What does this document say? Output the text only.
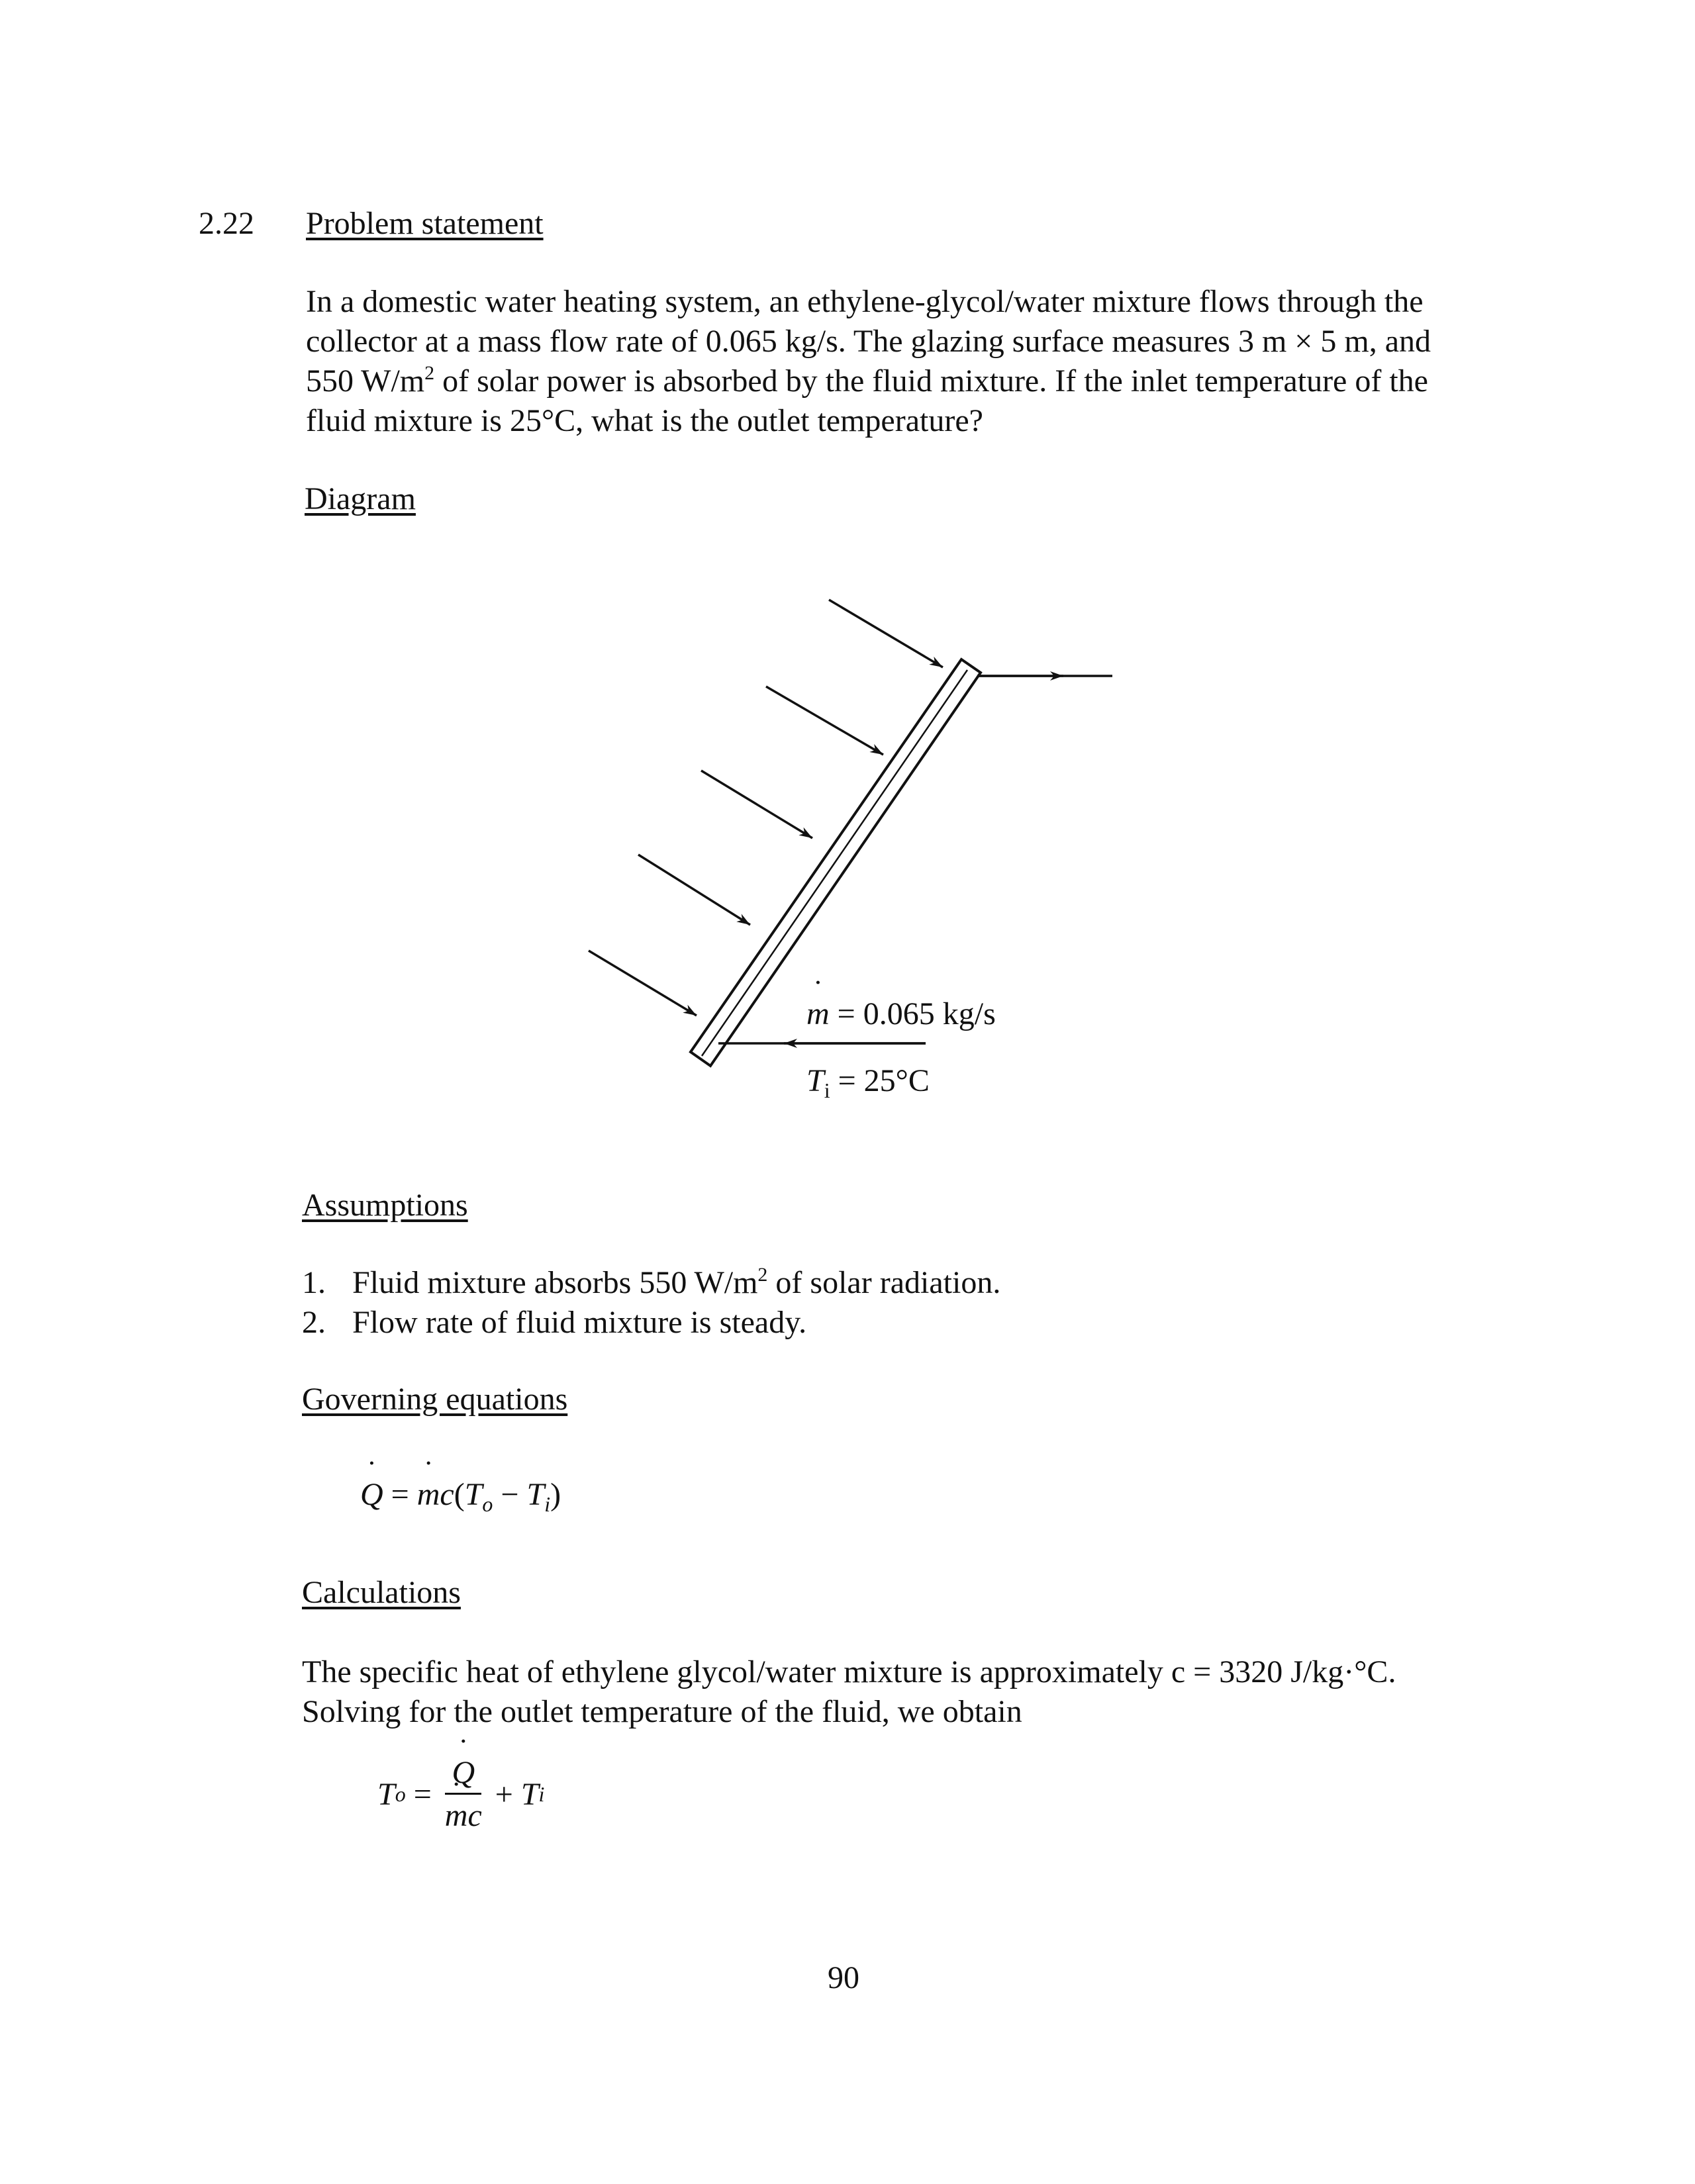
2.22 Problem statement
In a domestic water heating system, an ethylene-glycol/water mixture flows through the
collector at a mass flow rate of 0.065 kg/s. The glazing surface measures 3 m × 5 m, and
550 $W/m^2$ of solar power is absorbed by the fluid mixture. If the inlet temperature of the
fluid mixture is 25°C, what is the outlet temperature?
Diagram
˙ m = 0.065 kg/s
$T_i = 25^\circ C$
Assumptions
1. Fluid mixture absorbs 550 $W/m^2$ of solar radiation.
2. Flow rate of fluid mixture is steady.
Governing equations
˙ Q = ˙ $mc(T_o - T_i)$
Calculations
The specific heat of ethylene glycol/water mixture is approximately c = 3320 J/kg·°C.
Solving for the outlet temperature of the fluid, we obtain
T o =
˙ Q
˙ mc + T i
90
